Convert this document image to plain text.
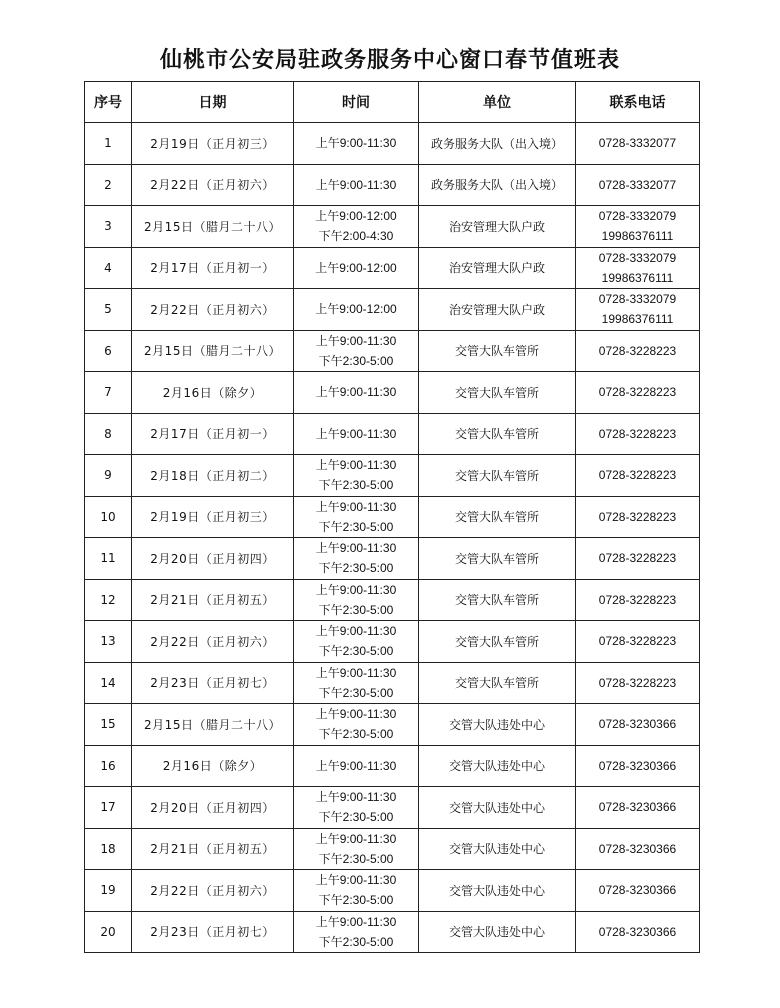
仙桃市公安局驻政务服务中心窗口春节值班表
序号	日期	时间	单位	联系电话
1	2月19日（正月初三）	上午9:00-11:30	政务服务大队（出入境）	0728-3332077

2	2月22日（正月初六）	上午9:00-11:30	政务服务大队（出入境）	0728-3332077

3	2月15日（腊月二十八）	上午9:00-12:00
下午2:00-4:30	治安管理大队户政	0728-3332079
19986376111

4	2月17日（正月初一）	上午9:00-12:00	治安管理大队户政	0728-3332079
19986376111

5	2月22日（正月初六）	上午9:00-12:00	治安管理大队户政	0728-3332079
19986376111

6	2月15日（腊月二十八）	上午9:00-11:30
下午2:30-5:00	交管大队车管所	0728-3228223

7	2月16日（除夕）	上午9:00-11:30	交管大队车管所	0728-3228223

8	2月17日（正月初一）	上午9:00-11:30	交管大队车管所	0728-3228223

9	2月18日（正月初二）	上午9:00-11:30
下午2:30-5:00	交管大队车管所	0728-3228223

10	2月19日（正月初三）	上午9:00-11:30
下午2:30-5:00	交管大队车管所	0728-3228223

11	2月20日（正月初四）	上午9:00-11:30
下午2:30-5:00	交管大队车管所	0728-3228223

12	2月21日（正月初五）	上午9:00-11:30
下午2:30-5:00	交管大队车管所	0728-3228223

13	2月22日（正月初六）	上午9:00-11:30
下午2:30-5:00	交管大队车管所	0728-3228223

14	2月23日（正月初七）	上午9:00-11:30
下午2:30-5:00	交管大队车管所	0728-3228223

15	2月15日（腊月二十八）	上午9:00-11:30
下午2:30-5:00	交管大队违处中心	0728-3230366

16	2月16日（除夕）	上午9:00-11:30	交管大队违处中心	0728-3230366

17	2月20日（正月初四）	上午9:00-11:30
下午2:30-5:00	交管大队违处中心	0728-3230366

18	2月21日（正月初五）	上午9:00-11:30
下午2:30-5:00	交管大队违处中心	0728-3230366

19	2月22日（正月初六）	上午9:00-11:30
下午2:30-5:00	交管大队违处中心	0728-3230366

20	2月23日（正月初七）	上午9:00-11:30
下午2:30-5:00	交管大队违处中心	0728-3230366
